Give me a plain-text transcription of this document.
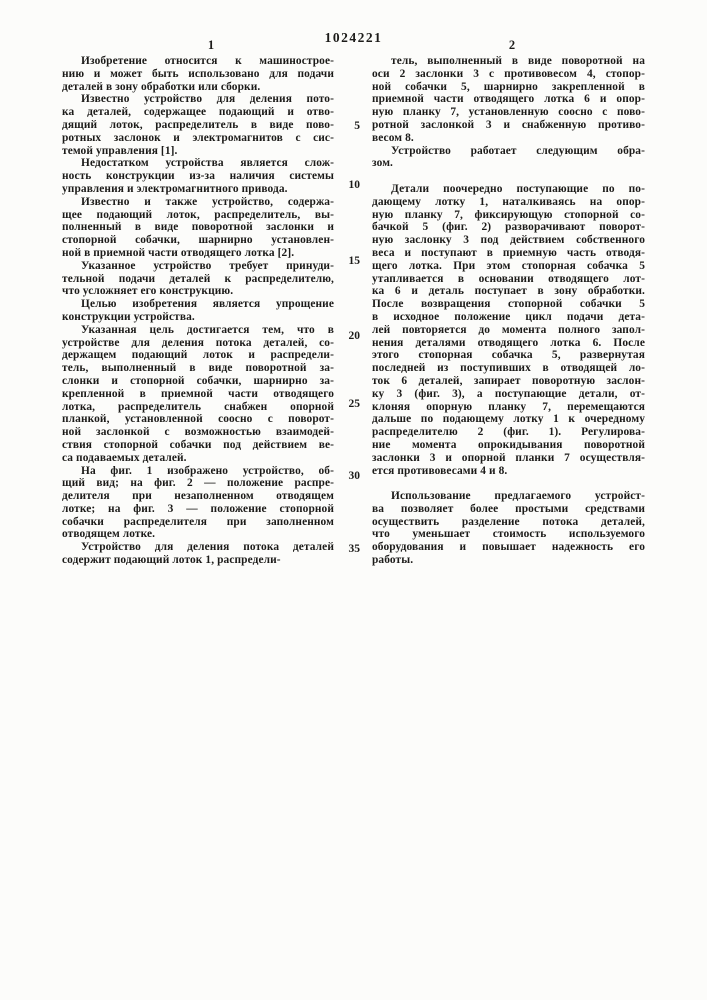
1024221
1	2
5
10
15
20
25
30
35
Изобретение относится к машинострое-
нию и может быть использовано для подачи
деталей в зону обработки или сборки.
Известно устройство для деления пото-
ка деталей, содержащее подающий и отво-
дящий лоток, распределитель в виде пово-
ротных заслонок и электромагнитов с сис-
темой управления [1].
Недостатком устройства является слож-
ность конструкции из-за наличия системы
управления и электромагнитного привода.
Известно и также устройство, содержа-
щее подающий лоток, распределитель, вы-
полненный в виде поворотной заслонки и
стопорной собачки, шарнирно установлен-
ной в приемной части отводящего лотка [2].
Указанное устройство требует принуди-
тельной подачи деталей к распределителю,
что усложняет его конструкцию.
Целью изобретения является упрощение
конструкции устройства.
Указанная цель достигается тем, что в
устройстве для деления потока деталей, со-
держащем подающий лоток и распредели-
тель, выполненный в виде поворотной за-
слонки и стопорной собачки, шарнирно за-
крепленной в приемной части отводящего
лотка, распределитель снабжен опорной
планкой, установленной соосно с поворот-
ной заслонкой с возможностью взаимодей-
ствия стопорной собачки под действием ве-
са подаваемых деталей.
На фиг. 1 изображено устройство, об-
щий вид; на фиг. 2 — положение распре-
делителя при незаполненном отводящем
лотке; на фиг. 3 — положение стопорной
собачки распределителя при заполненном
отводящем лотке.
Устройство для деления потока деталей
содержит подающий лоток 1, распредели-
тель, выполненный в виде поворотной на
оси 2 заслонки 3 с противовесом 4, стопор-
ной собачки 5, шарнирно закрепленной в
приемной части отводящего лотка 6 и опор-
ную планку 7, установленную соосно с пово-
ротной заслонкой 3 и снабженную противо-
весом 8.
Устройство работает следующим обра-
зом.
Детали поочередно поступающие по по-
дающему лотку 1, наталкиваясь на опор-
ную планку 7, фиксирующую стопорной со-
бачкой 5 (фиг. 2) разворачивают поворот-
ную заслонку 3 под действием собственного
веса и поступают в приемную часть отводя-
щего лотка. При этом стопорная собачка 5
утапливается в основании отводящего лот-
ка 6 и деталь поступает в зону обработки.
После возвращения стопорной собачки 5
в исходное положение цикл подачи дета-
лей повторяется до момента полного запол-
нения деталями отводящего лотка 6. После
этого стопорная собачка 5, развернутая
последней из поступивших в отводящей ло-
ток 6 деталей, запирает поворотную заслон-
ку 3 (фиг. 3), а поступающие детали, от-
клоняя опорную планку 7, перемещаются
дальше по подающему лотку 1 к очередному
распределителю 2 (фиг. 1). Регулирова-
ние момента опрокидывания поворотной
заслонки 3 и опорной планки 7 осуществля-
ется противовесами 4 и 8.
Использование предлагаемого устройст-
ва позволяет более простыми средствами
осуществить разделение потока деталей,
что уменьшает стоимость используемого
оборудования и повышает надежность его
работы.
